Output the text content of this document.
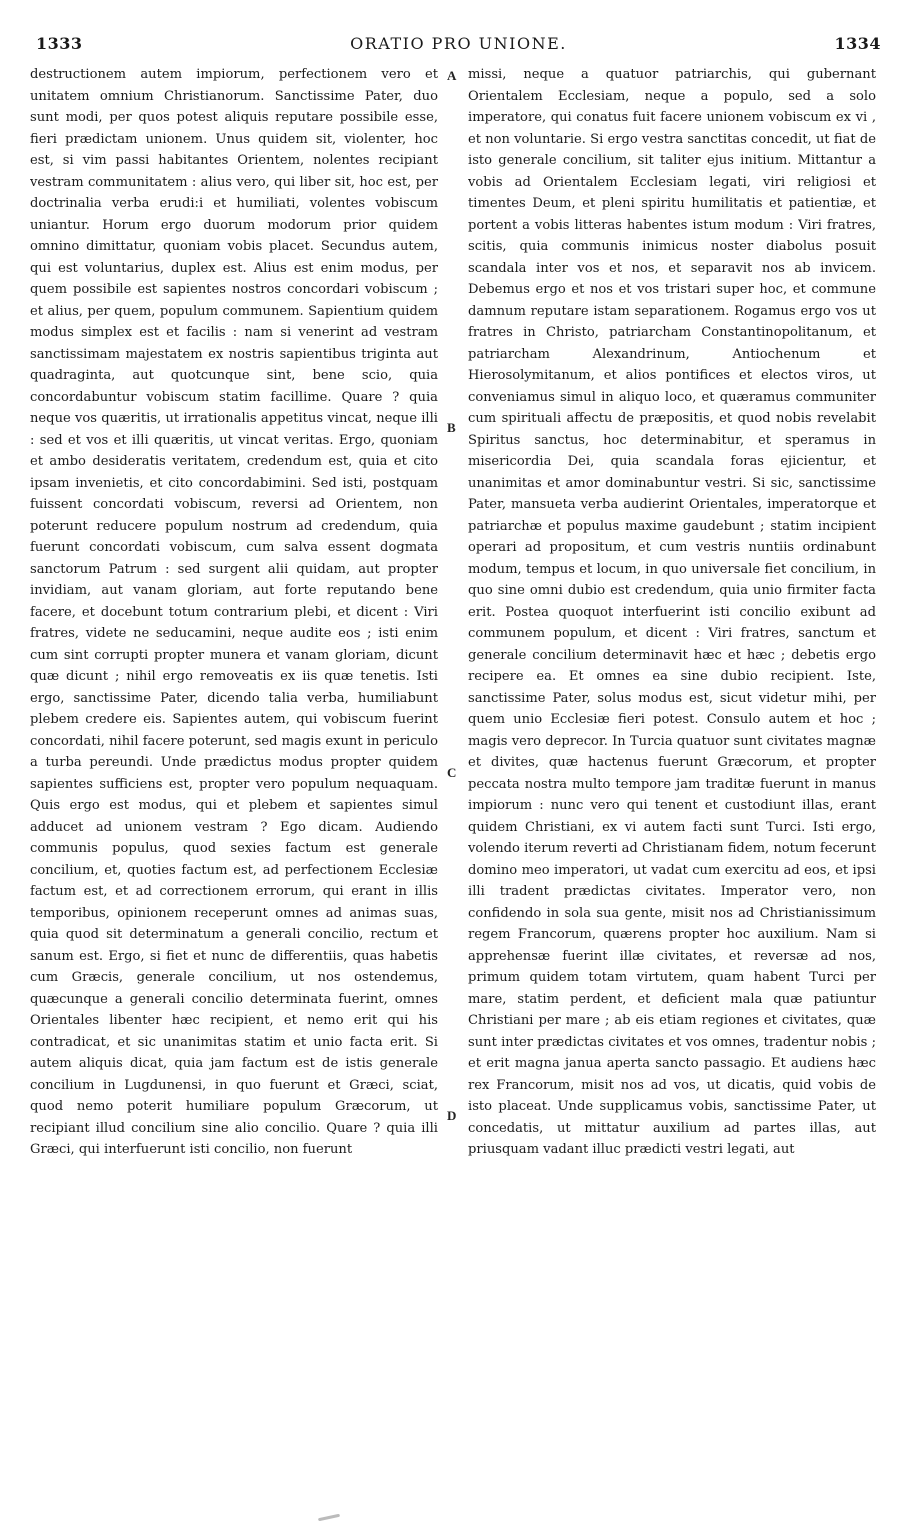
1333	ORATIO PRO UNIONE.	1334

destructionem autem impiorum, perfectionem vero et unitatem omnium Christianorum. Sanctissime Pater, duo sunt modi, per quos potest aliquis reputare possibile esse, fieri prædictam unionem. Unus quidem sit, violenter, hoc est, si vim passi habitantes Orientem, nolentes recipiant vestram communitatem : alius vero, qui liber sit, hoc est, per doctrinalia verba erudi:i et humiliati, volentes vobiscum uniantur. Horum ergo duorum modorum prior quidem omnino dimittatur, quoniam vobis placet. Secundus autem, qui est voluntarius, duplex est. Alius est enim modus, per quem possibile est sapientes nostros concordari vobiscum ; et alius, per quem, populum communem. Sapientium quidem modus simplex est et facilis : nam si venerint ad vestram sanctissimam majestatem ex nostris sapientibus triginta aut quadraginta, aut quotcunque sint, bene scio, quia concordabuntur vobiscum statim facillime. Quare ? quia neque vos quæritis, ut irrationalis appetitus vincat, neque illi : sed et vos et illi quæritis, ut vincat veritas. Ergo, quoniam et ambo desideratis veritatem, credendum est, quia et cito ipsam invenietis, et cito concordabimini. Sed isti, postquam fuissent concordati vobiscum, reversi ad Orientem, non poterunt reducere populum nostrum ad credendum, quia fuerunt concordati vobiscum, cum salva essent dogmata sanctorum Patrum : sed surgent alii quidam, aut propter invidiam, aut vanam gloriam, aut forte reputando bene facere, et docebunt totum contrarium plebi, et dicent : Viri fratres, videte ne seducamini, neque audite eos ; isti enim cum sint corrupti propter munera et vanam gloriam, dicunt quæ dicunt ; nihil ergo removeatis ex iis quæ tenetis. Isti ergo, sanctissime Pater, dicendo talia verba, humiliabunt plebem credere eis. Sapientes autem, qui vobiscum fuerint concordati, nihil facere poterunt, sed magis exunt in periculo a turba pereundi. Unde prædictus modus propter quidem sapientes sufficiens est, propter vero populum nequaquam. Quis ergo est modus, qui et plebem et sapientes simul adducet ad unionem vestram ? Ego dicam. Audiendo communis populus, quod sexies factum est generale concilium, et, quoties factum est, ad perfectionem Ecclesiæ factum est, et ad correctionem errorum, qui erant in illis temporibus, opinionem receperunt omnes ad animas suas, quia quod sit determinatum a generali concilio, rectum et sanum est. Ergo, si fiet et nunc de differentiis, quas habetis cum Græcis, generale concilium, ut nos ostendemus, quæcunque a generali concilio determinata fuerint, omnes Orientales libenter hæc recipient, et nemo erit qui his contradicat, et sic unanimitas statim et unio facta erit. Si autem aliquis dicat, quia jam factum est de istis generale concilium in Lugdunensi, in quo fuerunt et Græci, sciat, quod nemo poterit humiliare populum Græcorum, ut recipiant illud concilium sine alio concilio. Quare ? quia illi Græci, qui interfuerunt isti concilio, non fuerunt

A
B
C
D

missi, neque a quatuor patriarchis, qui gubernant Orientalem Ecclesiam, neque a populo, sed a solo imperatore, qui conatus fuit facere unionem vobiscum ex vi , et non voluntarie. Si ergo vestra sanctitas concedit, ut fiat de isto generale concilium, sit taliter ejus initium. Mittantur a vobis ad Orientalem Ecclesiam legati, viri religiosi et timentes Deum, et pleni spiritu humilitatis et patientiæ, et portent a vobis litteras habentes istum modum : Viri fratres, scitis, quia communis inimicus noster diabolus posuit scandala inter vos et nos, et separavit nos ab invicem. Debemus ergo et nos et vos tristari super hoc, et commune damnum reputare istam separationem. Rogamus ergo vos ut fratres in Christo, patriarcham Constantinopolitanum, et patriarcham Alexandrinum, Antiochenum et Hierosolymitanum, et alios pontifices et electos viros, ut conveniamus simul in aliquo loco, et quæramus communiter cum spirituali affectu de præpositis, et quod nobis revelabit Spiritus sanctus, hoc determinabitur, et speramus in misericordia Dei, quia scandala foras ejicientur, et unanimitas et amor dominabuntur vestri. Si sic, sanctissime Pater, mansueta verba audierint Orientales, imperatorque et patriarchæ et populus maxime gaudebunt ; statim incipient operari ad propositum, et cum vestris nuntiis ordinabunt modum, tempus et locum, in quo universale fiet concilium, in quo sine omni dubio est credendum, quia unio firmiter facta erit. Postea quoquot interfuerint isti concilio exibunt ad communem populum, et dicent : Viri fratres, sanctum et generale concilium determinavit hæc et hæc ; debetis ergo recipere ea. Et omnes ea sine dubio recipient. Iste, sanctissime Pater, solus modus est, sicut videtur mihi, per quem unio Ecclesiæ fieri potest. Consulo autem et hoc ; magis vero deprecor. In Turcia quatuor sunt civitates magnæ et divites, quæ hactenus fuerunt Græcorum, et propter peccata nostra multo tempore jam traditæ fuerunt in manus impiorum : nunc vero qui tenent et custodiunt illas, erant quidem Christiani, ex vi autem facti sunt Turci. Isti ergo, volendo iterum reverti ad Christianam fidem, notum fecerunt domino meo imperatori, ut vadat cum exercitu ad eos, et ipsi illi tradent prædictas civitates. Imperator vero, non confidendo in sola sua gente, misit nos ad Christianissimum regem Francorum, quærens propter hoc auxilium. Nam si apprehensæ fuerint illæ civitates, et reversæ ad nos, primum quidem totam virtutem, quam habent Turci per mare, statim perdent, et deficient mala quæ patiuntur Christiani per mare ; ab eis etiam regiones et civitates, quæ sunt inter prædictas civitates et vos omnes, tradentur nobis ; et erit magna janua aperta sancto passagio. Et audiens hæc rex Francorum, misit nos ad vos, ut dicatis, quid vobis de isto placeat. Unde supplicamus vobis, sanctissime Pater, ut concedatis, ut mittatur auxilium ad partes illas, aut priusquam vadant illuc prædicti vestri legati, aut
